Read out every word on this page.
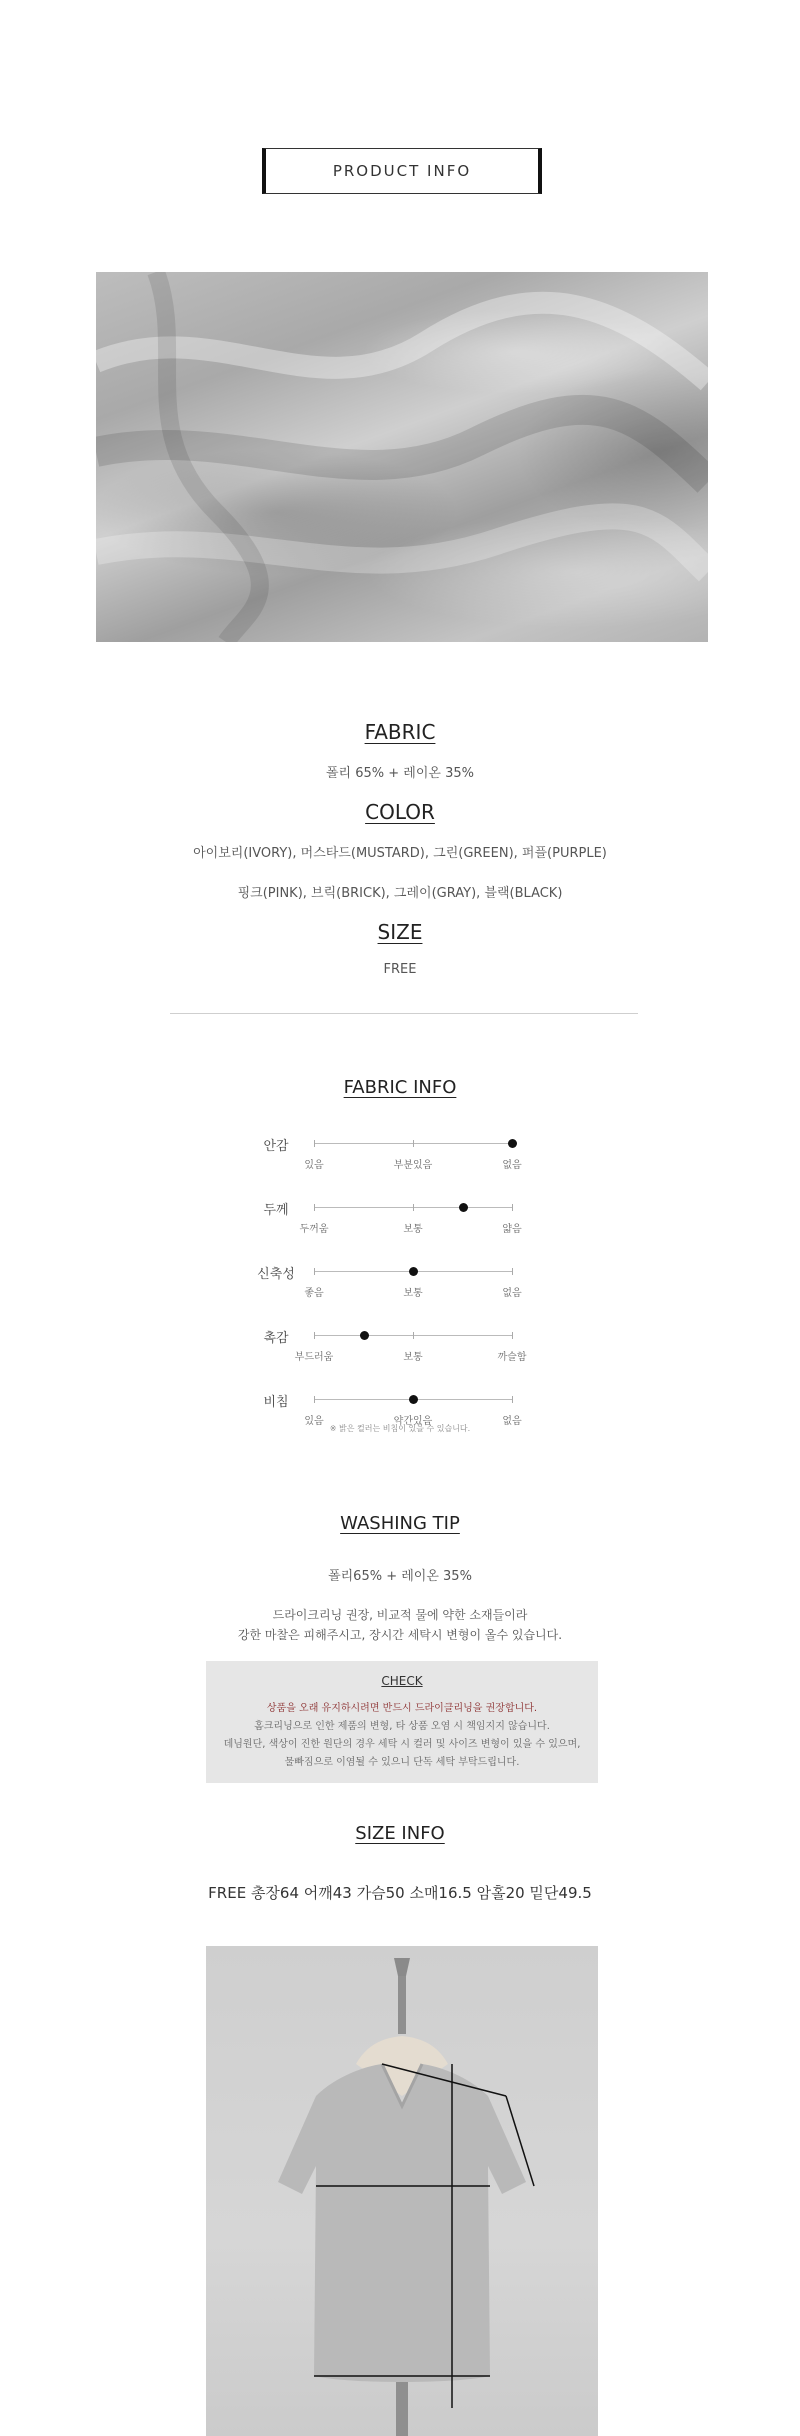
PRODUCT INFO
FABRIC
폴리 65% + 레이온 35%
COLOR
아이보리(IVORY), 머스타드(MUSTARD), 그린(GREEN), 퍼플(PURPLE)
핑크(PINK), 브릭(BRICK), 그레이(GRAY), 블랙(BLACK)
SIZE
FREE
FABRIC INFO
안감
있음	부분있음	없음
두께
두꺼움	보통	얇음
신축성
좋음	보통	없음
촉감
부드러움	보통	까슬함
비침
있음	약간있음	없음
※ 밝은 컬러는 비침이 있을 수 있습니다.
WASHING TIP
폴리65% + 레이온 35%
드라이크리닝 권장, 비교적 물에 약한 소재들이라
강한 마찰은 피해주시고, 장시간 세탁시 변형이 올수 있습니다.
CHECK
상품을 오래 유지하시려면 반드시 드라이클리닝을 권장합니다.
홈크리닝으로 인한 제품의 변형, 타 상품 오염 시 책임지지 않습니다.
데님원단, 색상이 진한 원단의 경우 세탁 시 컬러 및 사이즈 변형이 있을 수 있으며,
물빠짐으로 이염될 수 있으니 단독 세탁 부탁드립니다.
SIZE INFO
FREE 총장64 어깨43 가슴50 소매16.5 암홀20 밑단49.5
